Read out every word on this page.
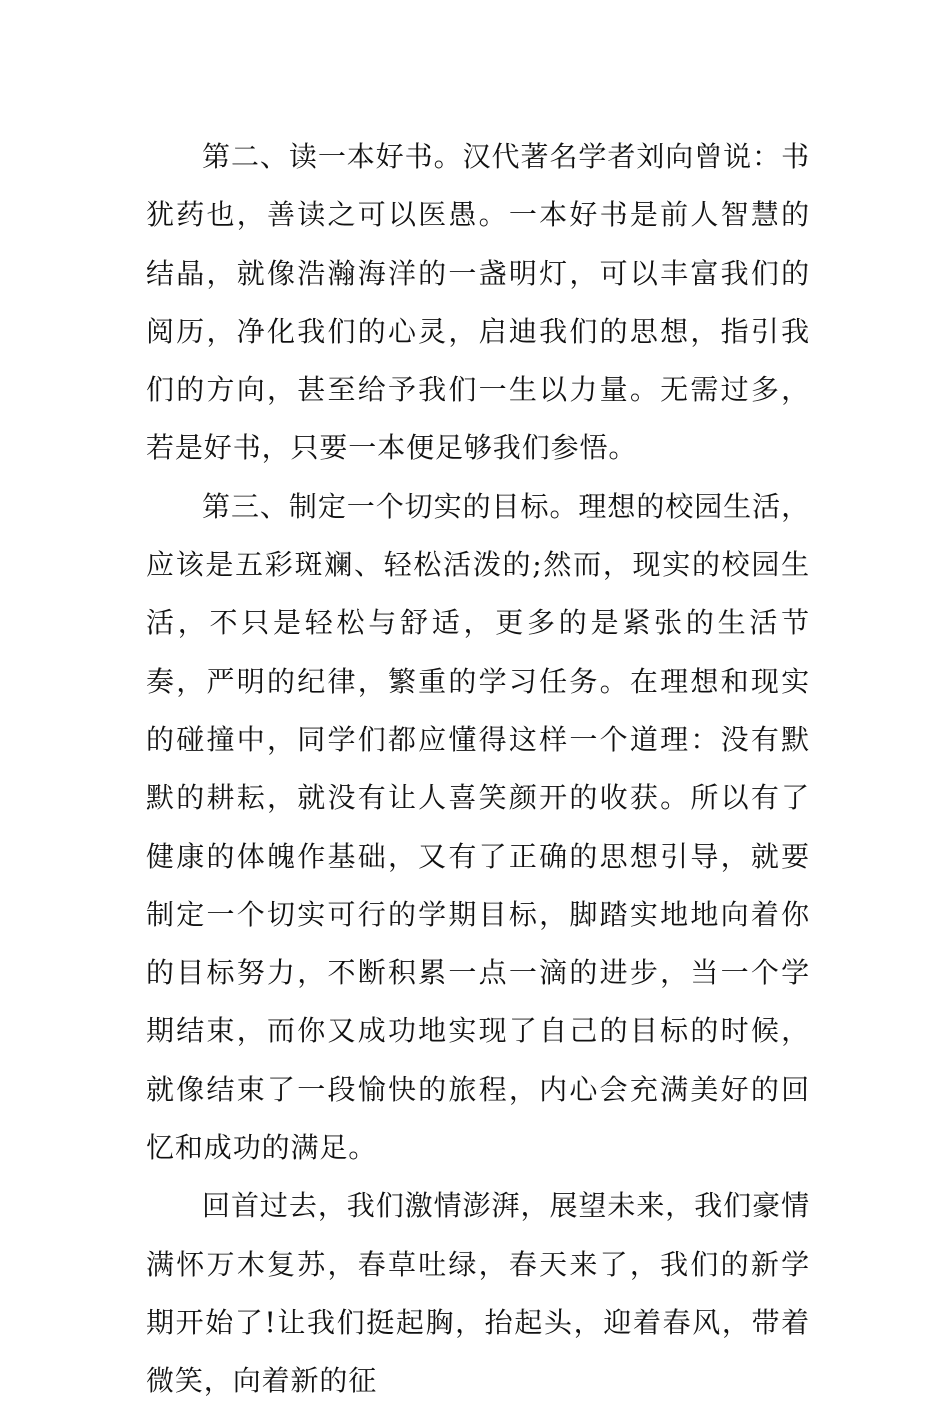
第二、读一本好书。汉代著名学者刘向曾说：书犹药也，善读之可以医愚。一本好书是前人智慧的结晶，就像浩瀚海洋的一盏明灯，可以丰富我们的阅历，净化我们的心灵，启迪我们的思想，指引我们的方向，甚至给予我们一生以力量。无需过多，若是好书，只要一本便足够我们参悟。

第三、制定一个切实的目标。理想的校园生活，应该是五彩斑斓、轻松活泼的;然而，现实的校园生活，不只是轻松与舒适，更多的是紧张的生活节奏，严明的纪律，繁重的学习任务。在理想和现实的碰撞中，同学们都应懂得这样一个道理：没有默默的耕耘，就没有让人喜笑颜开的收获。所以有了健康的体魄作基础，又有了正确的思想引导，就要制定一个切实可行的学期目标，脚踏实地地向着你的目标努力，不断积累一点一滴的进步，当一个学期结束，而你又成功地实现了自己的目标的时候，就像结束了一段愉快的旅程，内心会充满美好的回忆和成功的满足。

回首过去，我们激情澎湃，展望未来，我们豪情满怀万木复苏，春草吐绿，春天来了，我们的新学期开始了!让我们挺起胸，抬起头，迎着春风，带着微笑，向着新的征
